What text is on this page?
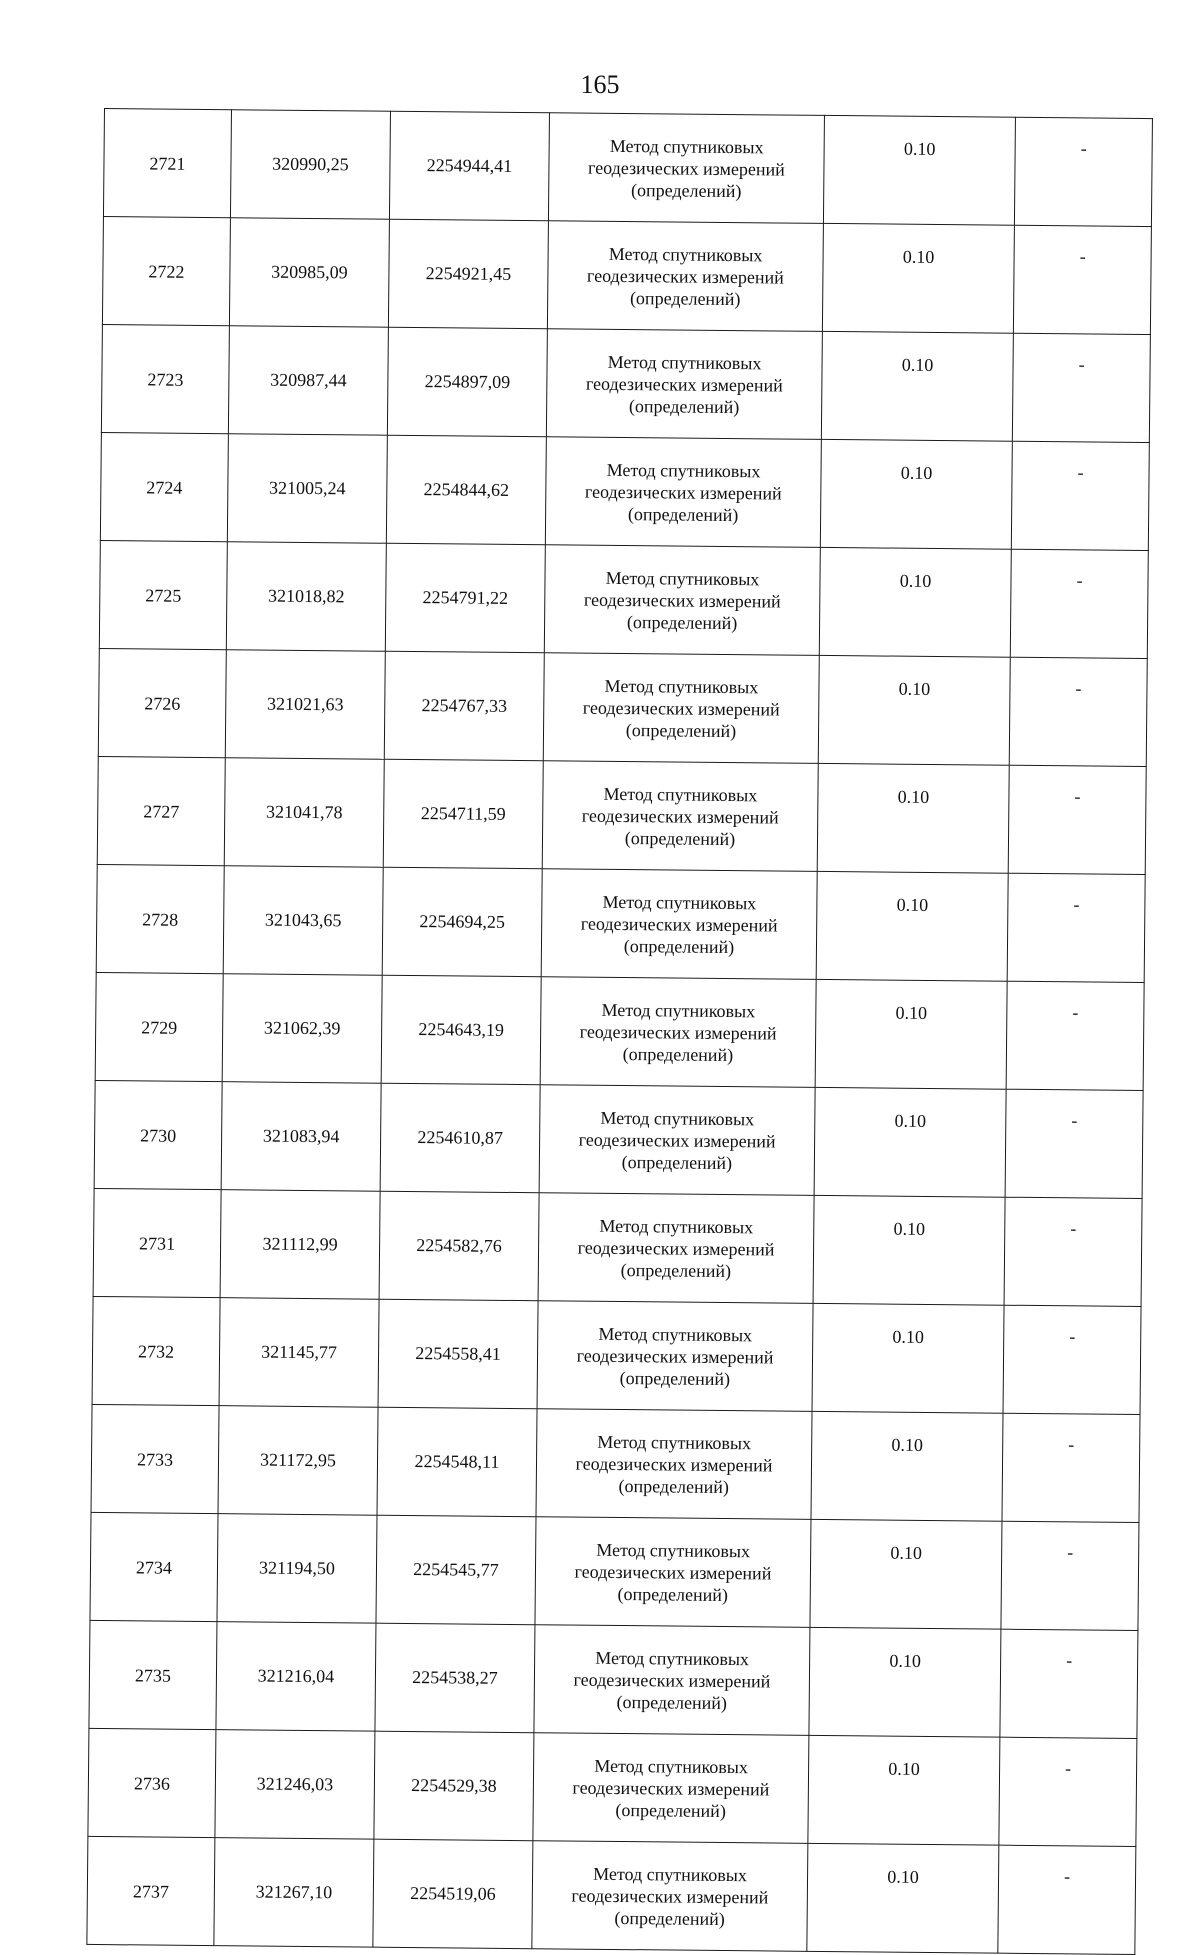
165
2721	320990,25	2254944,41	Метод спутниковых
геодезических измерений
(определений)	0.10	-
2722	320985,09	2254921,45	Метод спутниковых
геодезических измерений
(определений)	0.10	-
2723	320987,44	2254897,09	Метод спутниковых
геодезических измерений
(определений)	0.10	-
2724	321005,24	2254844,62	Метод спутниковых
геодезических измерений
(определений)	0.10	-
2725	321018,82	2254791,22	Метод спутниковых
геодезических измерений
(определений)	0.10	-
2726	321021,63	2254767,33	Метод спутниковых
геодезических измерений
(определений)	0.10	-
2727	321041,78	2254711,59	Метод спутниковых
геодезических измерений
(определений)	0.10	-
2728	321043,65	2254694,25	Метод спутниковых
геодезических измерений
(определений)	0.10	-
2729	321062,39	2254643,19	Метод спутниковых
геодезических измерений
(определений)	0.10	-
2730	321083,94	2254610,87	Метод спутниковых
геодезических измерений
(определений)	0.10	-
2731	321112,99	2254582,76	Метод спутниковых
геодезических измерений
(определений)	0.10	-
2732	321145,77	2254558,41	Метод спутниковых
геодезических измерений
(определений)	0.10	-
2733	321172,95	2254548,11	Метод спутниковых
геодезических измерений
(определений)	0.10	-
2734	321194,50	2254545,77	Метод спутниковых
геодезических измерений
(определений)	0.10	-
2735	321216,04	2254538,27	Метод спутниковых
геодезических измерений
(определений)	0.10	-
2736	321246,03	2254529,38	Метод спутниковых
геодезических измерений
(определений)	0.10	-
2737	321267,10	2254519,06	Метод спутниковых
геодезических измерений
(определений)	0.10	-
